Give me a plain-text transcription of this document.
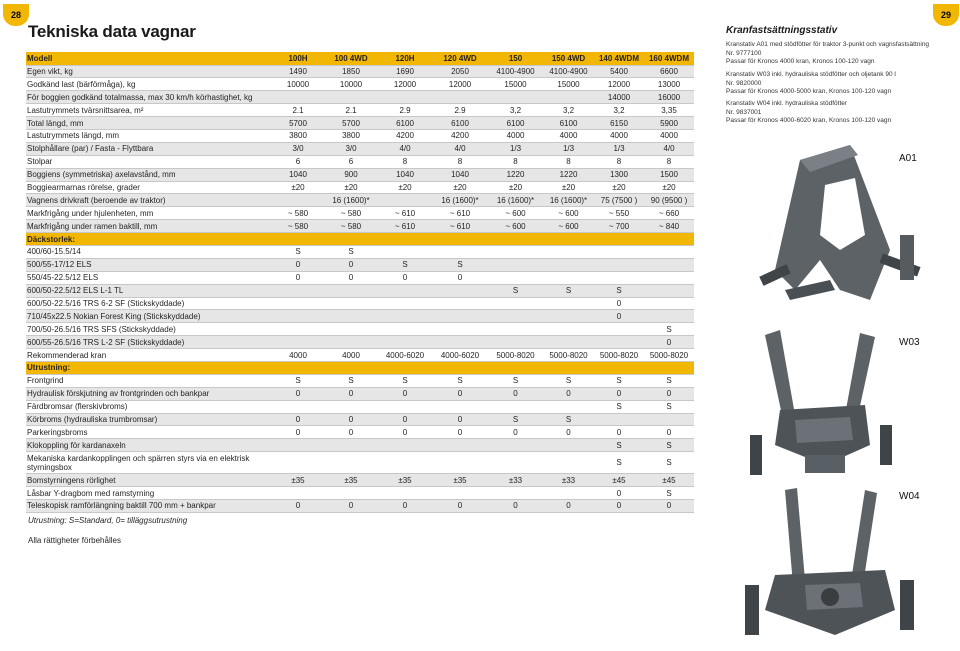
28	29
Tekniska data vagnar
Modell	100H	100 4WD	120H	120 4WD	150	150 4WD	140 4WDM	160 4WDM
Egen vikt, kg	1490	1850	1690	2050	4100-4900	4100-4900	5400	6600
Godkänd last (bärförmåga), kg	10000	10000	12000	12000	15000	15000	12000	13000
För boggien godkänd totalmassa, max 30 km/h körhastighet, kg							14000	16000
Lastutrymmets tvärsnittsarea, m²	2.1	2.1	2.9	2.9	3,2	3,2	3,2	3,35
Total längd, mm	5700	5700	6100	6100	6100	6100	6150	5900
Lastutrymmets längd, mm	3800	3800	4200	4200	4000	4000	4000	4000
Stolphållare (par) / Fasta - Flyttbara	3/0	3/0	4/0	4/0	1/3	1/3	1/3	4/0
Stolpar	6	6	8	8	8	8	8	8
Boggiens (symmetriska) axelavstånd, mm	1040	900	1040	1040	1220	1220	1300	1500
Boggiearmarnas rörelse, grader	±20	±20	±20	±20	±20	±20	±20	±20
Vagnens drivkraft (beroende av traktor)		16 (1600)*		16 (1600)*	16 (1600)*	16 (1600)*	75 (7500 )	90 (9500 )
Markfrigång under hjulenheten, mm	~ 580	~ 580	~ 610	~ 610	~ 600	~ 600	~ 550	~ 660
Markfrigång under ramen baktill, mm	~ 580	~ 580	~ 610	~ 610	~ 600	~ 600	~ 700	~ 840
Däckstorlek:								
400/60-15.5/14	S	S						
500/55-17/12 ELS	0	0	S	S				
550/45-22.5/12 ELS	0	0	0	0				
600/50-22.5/12 ELS L-1 TL					S	S	S	
600/50-22.5/16 TRS 6-2 SF (Stickskyddade)							0	
710/45x22.5 Nokian Forest King (Stickskyddade)							0	
700/50-26.5/16 TRS SFS (Stickskyddade)								S
600/55-26.5/16 TRS L-2 SF (Stickskyddade)								0
Rekommenderad kran	4000	4000	4000-6020	4000-6020	5000-8020	5000-8020	5000-8020	5000-8020
Utrustning:								
Frontgrind	S	S	S	S	S	S	S	S
Hydraulisk förskjutning av frontgrinden och bankpar	0	0	0	0	0	0	0	0
Färdbromsar (flerskivbroms)							S	S
Körbroms (hydrauliska trumbromsar)	0	0	0	0	S	S		
Parkeringsbroms	0	0	0	0	0	0	0	0
Klokoppling för kardanaxeln							S	S
Mekaniska kardankopplingen och spärren styrs via en elektrisk styrningsbox							S	S
Bomstyrningens rörlighet	±35	±35	±35	±35	±33	±33	±45	±45
Låsbar Y-dragbom med ramstyrning							0	S
Teleskopisk ramförlängning baktill 700 mm + bankpar	0	0	0	0	0	0	0	0
Utrustning: S=Standard, 0= tilläggsutrustning
Alla rättigheter förbehålles
Kranfastsättningsstativ
Kranstativ A01 med stödfötter för traktor 3-punkt och vagnsfastsättning
Nr. 9777100
Passar för Kronos 4000 kran, Kronos 100-120 vagn
Kranstativ W03 inkl. hydrauliska stödfötter och oljetank 90 l
Nr. 9820000
Passar för Kronos 4000-5000 kran, Kronos 100-120 vagn
Kranstativ W04 inkl. hydrauliska stödfötter
Nr. 9837001
Passar för Kronos 4000-6020 kran, Kronos 100-120 vagn
A01
W03
W04
